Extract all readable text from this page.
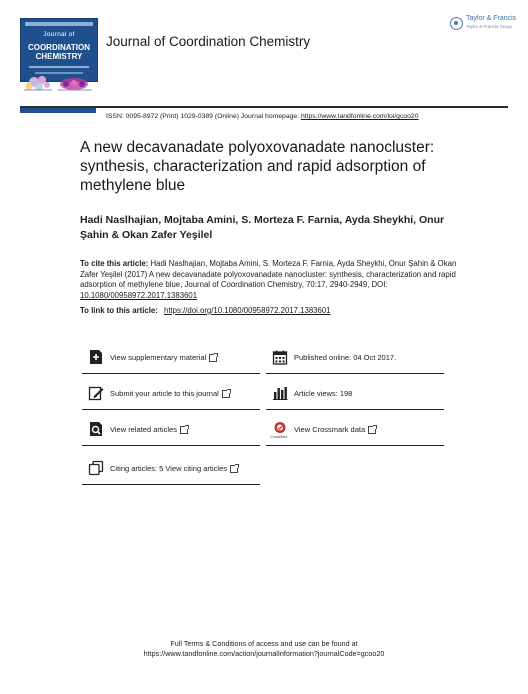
Journal of
COORDINATION
CHEMISTRY
Journal of Coordination Chemistry
Taylor & Francis
Taylor & Francis Group
ISSN: 0095-8972 (Print) 1029-0389 (Online) Journal homepage: https://www.tandfonline.com/loi/gcoo20
A new decavanadate polyoxovanadate nanocluster: synthesis, characterization and rapid adsorption of methylene blue
Hadi Naslhajian, Mojtaba Amini, S. Morteza F. Farnia, Ayda Sheykhi, Onur Şahin & Okan Zafer Yeşilel
To cite this article: Hadi Naslhajian, Mojtaba Amini, S. Morteza F. Farnia, Ayda Sheykhi, Onur Şahin & Okan Zafer Yeşilel (2017) A new decavanadate polyoxovanadate nanocluster: synthesis, characterization and rapid adsorption of methylene blue, Journal of Coordination Chemistry, 70:17, 2940-2949, DOI: 10.1080/00958972.2017.1383601
To link to this article: https://doi.org/10.1080/00958972.2017.1383601
View supplementary material
Submit your article to this journal
View related articles
Citing articles: 5 View citing articles
Published online: 04 Oct 2017.
Article views: 198
CrossMark
View Crossmark data
Full Terms & Conditions of access and use can be found at
https://www.tandfonline.com/action/journalInformation?journalCode=gcoo20
